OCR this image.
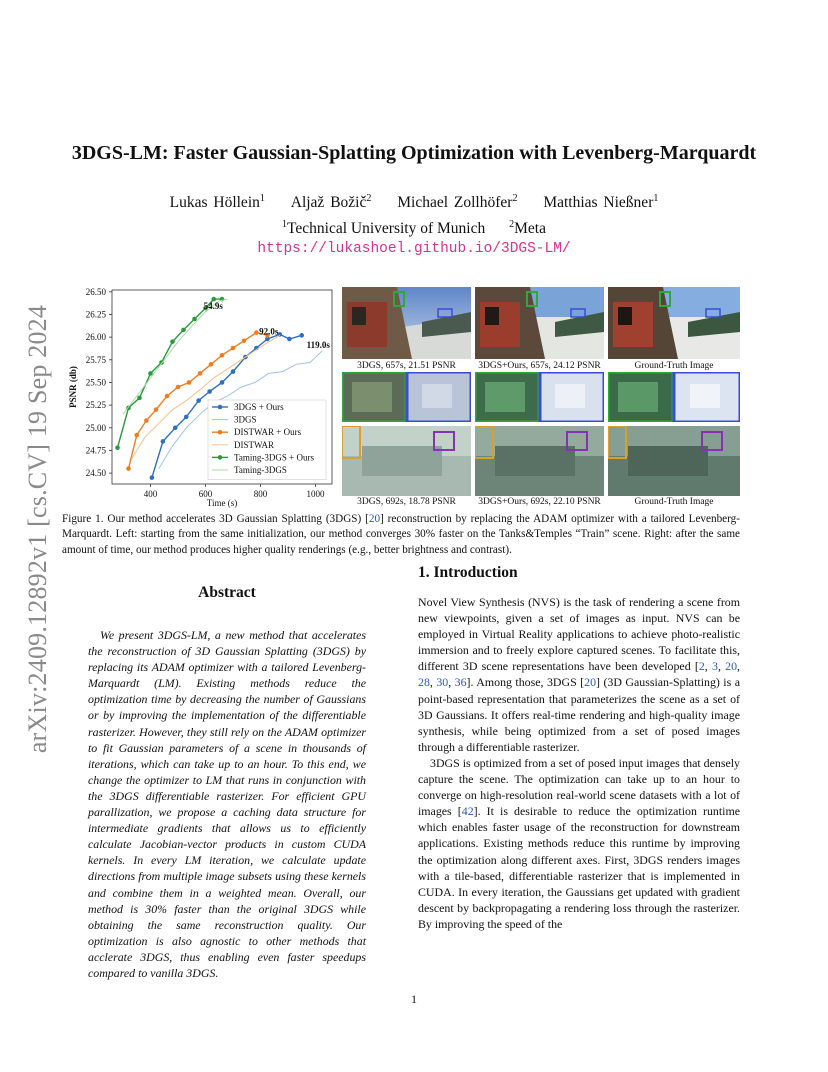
arXiv:2409.12892v1 [cs.CV] 19 Sep 2024
3DGS-LM: Faster Gaussian-Splatting Optimization with Levenberg-Marquardt
Lukas Höllein$^1$ Aljaž Božič$^2$ Michael Zollhöfer$^2$ Matthias Nießner$^1$
$^1$Technical University of Munich $^2$Meta
https://lukashoel.github.io/3DGS-LM/
24.50
24.75
25.00
25.25
25.50
25.75
26.00
26.25
26.50
400	600	800	1000
Time (s)
PSNR (db)
54.9s
92.0s
119.0s
3DGS + Ours
3DGS
DISTWAR + Ours
DISTWAR
Taming-3DGS + Ours
Taming-3DGS
3DGS, 657s, 21.51 PSNR	3DGS+Ours, 657s, 24.12 PSNR	Ground-Truth Image
3DGS, 692s, 18.78 PSNR	3DGS+Ours, 692s, 22.10 PSNR	Ground-Truth Image
Figure 1. Our method accelerates 3D Gaussian Splatting (3DGS) [20] reconstruction by replacing the ADAM optimizer with a tailored Levenberg-Marquardt. Left: starting from the same initialization, our method converges 30% faster on the Tanks&Temples “Train” scene. Right: after the same amount of time, our method produces higher quality renderings (e.g., better brightness and contrast).
Abstract
We present 3DGS-LM, a new method that accelerates the reconstruction of 3D Gaussian Splatting (3DGS) by replacing its ADAM optimizer with a tailored Levenberg-Marquardt (LM). Existing methods reduce the optimization time by decreasing the number of Gaussians or by improving the implementation of the differentiable rasterizer. However, they still rely on the ADAM optimizer to fit Gaussian parameters of a scene in thousands of iterations, which can take up to an hour. To this end, we change the optimizer to LM that runs in conjunction with the 3DGS differentiable rasterizer. For efficient GPU parallization, we propose a caching data structure for intermediate gradients that allows us to efficiently calculate Jacobian-vector products in custom CUDA kernels. In every LM iteration, we calculate update directions from multiple image subsets using these kernels and combine them in a weighted mean. Overall, our method is 30% faster than the original 3DGS while obtaining the same reconstruction quality. Our optimization is also agnostic to other methods that acclerate 3DGS, thus enabling even faster speedups compared to vanilla 3DGS.
1. Introduction

Novel View Synthesis (NVS) is the task of rendering a scene from new viewpoints, given a set of images as input. NVS can be employed in Virtual Reality applications to achieve photo-realistic immersion and to freely explore captured scenes. To facilitate this, different 3D scene representations have been developed [2, 3, 20, 28, 30, 36]. Among those, 3DGS [20] (3D Gaussian-Splatting) is a point-based representation that parameterizes the scene as a set of 3D Gaussians. It offers real-time rendering and high-quality image synthesis, while being optimized from a set of posed images through a differentiable rasterizer.

3DGS is optimized from a set of posed input images that densely capture the scene. The optimization can take up to an hour to converge on high-resolution real-world scene datasets with a lot of images [42]. It is desirable to reduce the optimization runtime which enables faster usage of the reconstruction for downstream applications. Existing methods reduce this runtime by improving the optimization along different axes. First, 3DGS renders images with a tile-based, differentiable rasterizer that is implemented in CUDA. In every iteration, the Gaussians get updated with gradient descent by backpropagating a rendering loss through the rasterizer. By improving the speed of the

1
